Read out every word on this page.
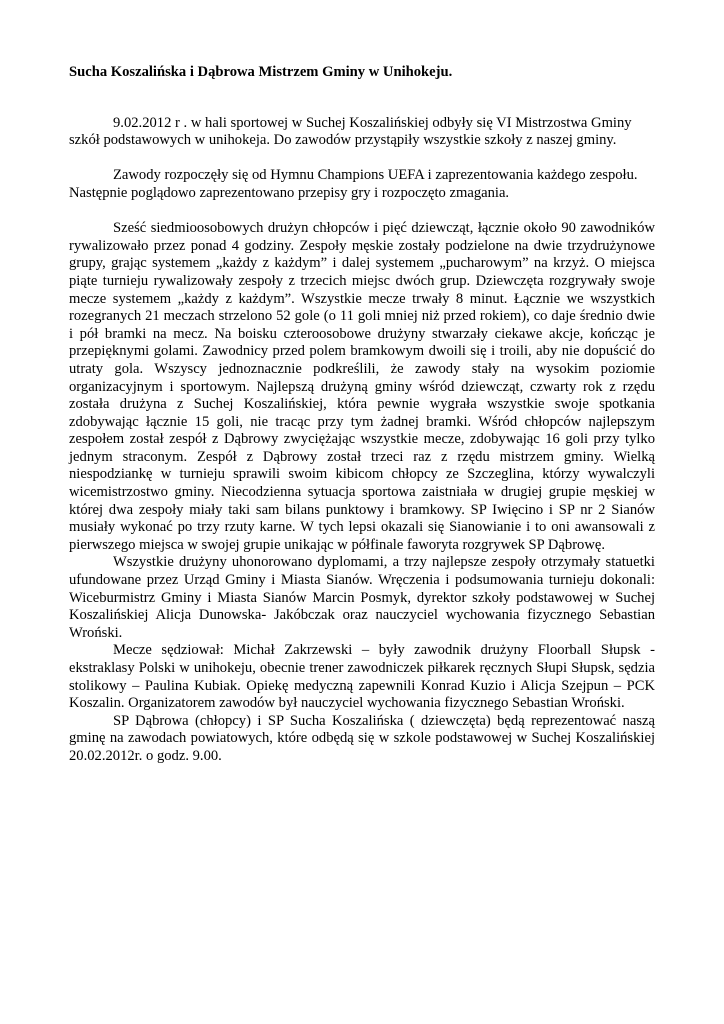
Sucha Koszalińska i Dąbrowa Mistrzem Gminy w Unihokeju.

9.02.2012 r . w hali sportowej w Suchej Koszalińskiej odbyły się VI Mistrzostwa Gminy szkół podstawowych w unihokeja. Do zawodów przystąpiły wszystkie szkoły z naszej gminy.

Zawody rozpoczęły się od Hymnu Champions UEFA i zaprezentowania każdego zespołu. Następnie poglądowo zaprezentowano przepisy gry i rozpoczęto zmagania.

Sześć siedmioosobowych drużyn chłopców i pięć dziewcząt, łącznie około 90 zawodników rywalizowało przez ponad 4 godziny. Zespoły męskie zostały podzielone na dwie trzydrużynowe grupy, grając systemem „każdy z każdym” i dalej systemem „pucharowym” na krzyż. O miejsca piąte turnieju rywalizowały zespoły z trzecich miejsc dwóch grup. Dziewczęta rozgrywały swoje mecze systemem „każdy z każdym”. Wszystkie mecze trwały 8 minut. Łącznie we wszystkich rozegranych 21 meczach strzelono 52 gole (o 11 goli mniej niż przed rokiem), co daje średnio dwie i pół bramki na mecz. Na boisku czteroosobowe drużyny stwarzały ciekawe akcje, kończąc je przepięknymi golami. Zawodnicy przed polem bramkowym dwoili się i troili, aby nie dopuścić do utraty gola. Wszyscy jednoznacznie podkreślili, że zawody stały na wysokim poziomie organizacyjnym i sportowym. Najlepszą drużyną gminy wśród dziewcząt, czwarty rok z rzędu została drużyna z Suchej Koszalińskiej, która pewnie wygrała wszystkie swoje spotkania zdobywając łącznie 15 goli, nie tracąc przy tym żadnej bramki. Wśród chłopców najlepszym zespołem został zespół z Dąbrowy zwyciężając wszystkie mecze, zdobywając 16 goli przy tylko jednym straconym. Zespół z Dąbrowy został trzeci raz z rzędu mistrzem gminy. Wielką niespodziankę w turnieju sprawili swoim kibicom chłopcy ze Szczeglina, którzy wywalczyli wicemistrzostwo gminy. Niecodzienna sytuacja sportowa zaistniała w drugiej grupie męskiej w której dwa zespoły miały taki sam bilans punktowy i bramkowy. SP Iwięcino i SP nr 2 Sianów musiały wykonać po trzy rzuty karne. W tych lepsi okazali się Sianowianie i to oni awansowali z pierwszego miejsca w swojej grupie unikając w półfinale faworyta rozgrywek SP Dąbrowę.

Wszystkie drużyny uhonorowano dyplomami, a trzy najlepsze zespoły otrzymały statuetki ufundowane przez Urząd Gminy i Miasta Sianów. Wręczenia i podsumowania turnieju dokonali: Wiceburmistrz Gminy i Miasta Sianów Marcin Posmyk, dyrektor szkoły podstawowej w Suchej Koszalińskiej Alicja Dunowska- Jakóbczak oraz nauczyciel wychowania fizycznego Sebastian Wroński.

Mecze sędziował: Michał Zakrzewski – były zawodnik drużyny Floorball Słupsk - ekstraklasy Polski w unihokeju, obecnie trener zawodniczek piłkarek ręcznych Słupi Słupsk, sędzia stolikowy – Paulina Kubiak. Opiekę medyczną zapewnili Konrad Kuzio i Alicja Szejpun – PCK Koszalin. Organizatorem zawodów był nauczyciel wychowania fizycznego Sebastian Wroński.

SP Dąbrowa (chłopcy) i SP Sucha Koszalińska ( dziewczęta) będą reprezentować naszą gminę na zawodach powiatowych, które odbędą się w szkole podstawowej w Suchej Koszalińskiej 20.02.2012r. o godz. 9.00.
